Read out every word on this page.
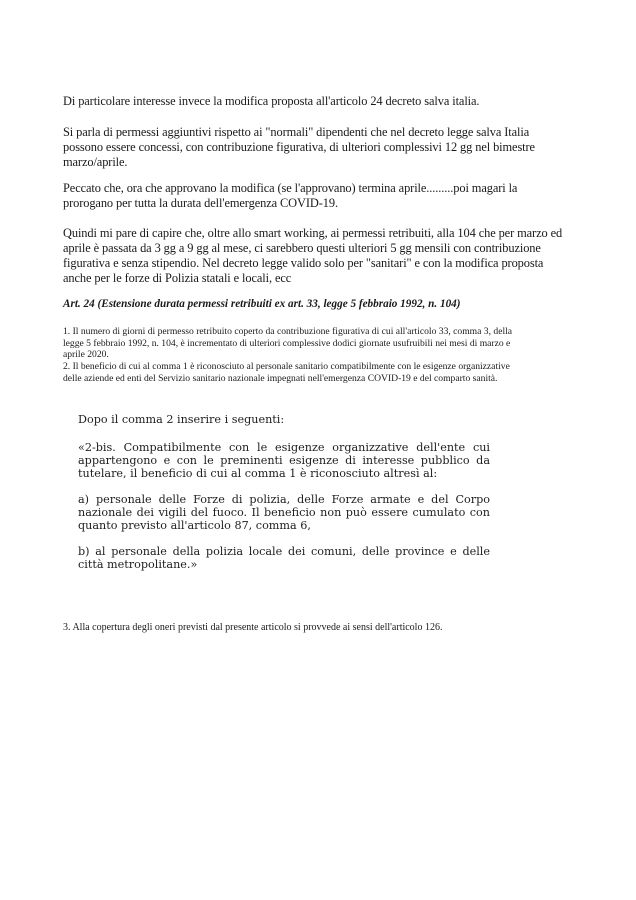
Di particolare interesse invece la modifica proposta all'articolo 24 decreto salva italia.

Si parla di permessi aggiuntivi rispetto ai "normali" dipendenti che nel decreto legge salva Italia possono essere concessi, con contribuzione figurativa, di ulteriori complessivi 12 gg nel bimestre marzo/aprile.

Peccato che, ora che approvano la modifica (se l'approvano) termina aprile.........poi magari la prorogano per tutta la durata dell'emergenza COVID-19.

Quindi mi pare di capire che, oltre allo smart working, ai permessi retribuiti, alla 104 che per marzo ed aprile è passata da 3 gg a 9 gg al mese, ci sarebbero questi ulteriori 5 gg mensili con contribuzione figurativa e senza stipendio. Nel decreto legge valido solo per "sanitari" e con la modifica proposta anche per le forze di Polizia statali e locali, ecc

Art. 24 (Estensione durata permessi retribuiti ex art. 33, legge 5 febbraio 1992, n. 104)

1. Il numero di giorni di permesso retribuito coperto da contribuzione figurativa di cui all'articolo 33, comma 3, della legge 5 febbraio 1992, n. 104, è incrementato di ulteriori complessive dodici giornate usufruibili nei mesi di marzo e aprile 2020.

2. Il beneficio di cui al comma 1 è riconosciuto al personale sanitario compatibilmente con le esigenze organizzative delle aziende ed enti del Servizio sanitario nazionale impegnati nell'emergenza COVID-19 e del comparto sanità.

Dopo il comma 2 inserire i seguenti:

«2-bis. Compatibilmente con le esigenze organizzative dell'ente cui appartengono e con le preminenti esigenze di interesse pubblico da tutelare, il beneficio di cui al comma 1 è riconosciuto altresì al:

a) personale delle Forze di polizia, delle Forze armate e del Corpo nazionale dei vigili del fuoco. Il beneficio non può essere cumulato con quanto previsto all'articolo 87, comma 6,

b) al personale della polizia locale dei comuni, delle province e delle città metropolitane.»

3. Alla copertura degli oneri previsti dal presente articolo si provvede ai sensi dell'articolo 126.
